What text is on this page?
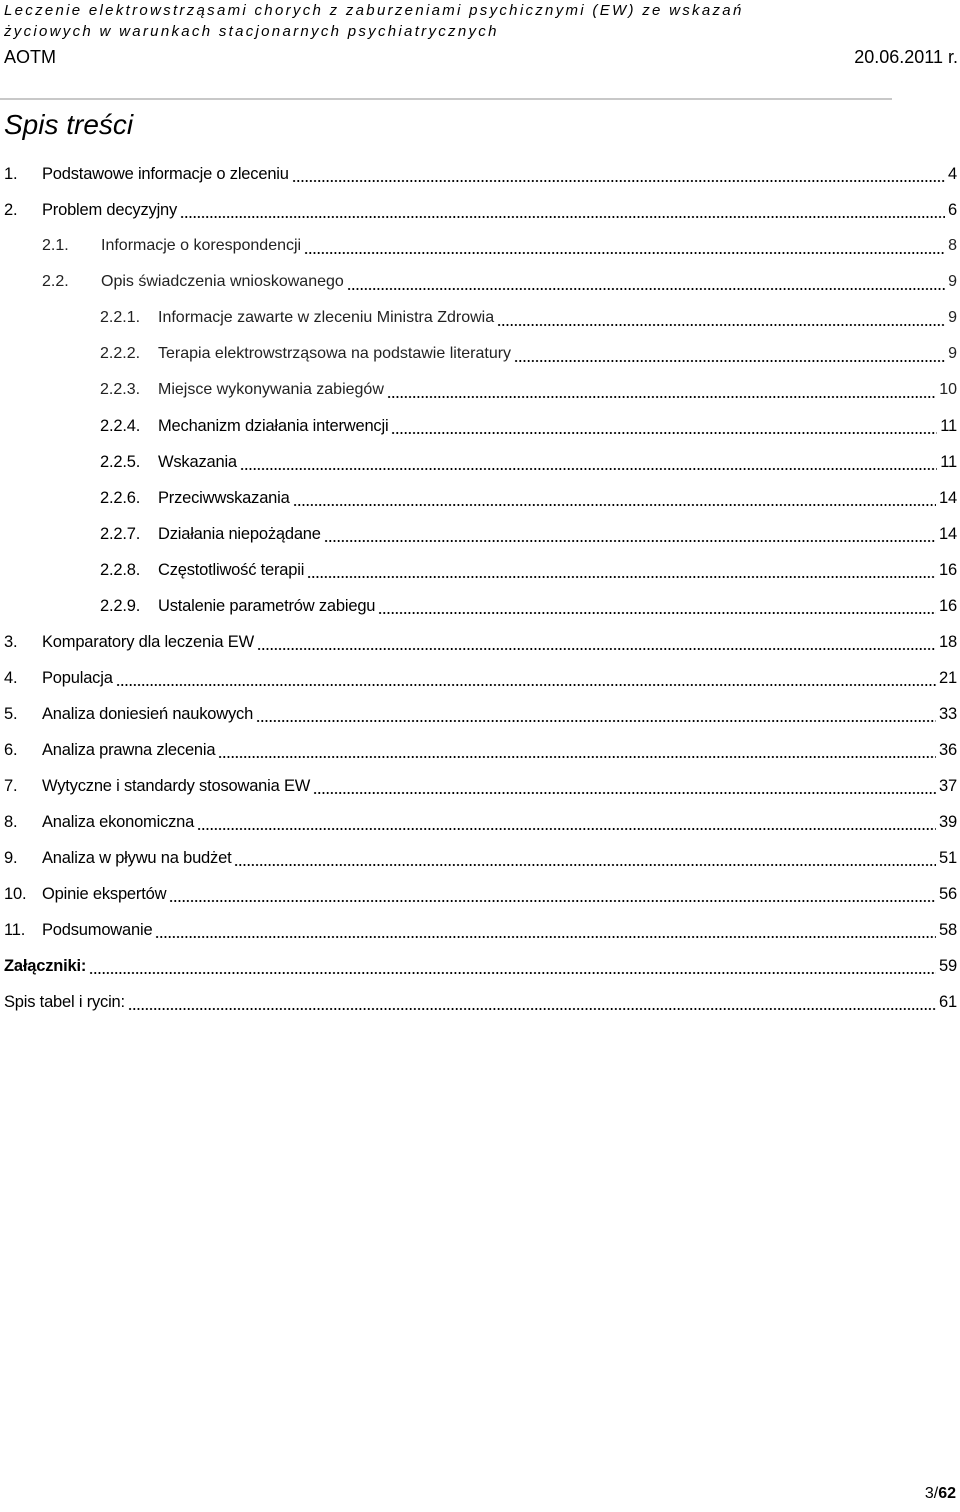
Leczenie elektrowstrząsami chorych z zaburzeniami psychicznymi (EW) ze wskazań
życiowych w warunkach stacjonarnych psychiatrycznych
AOTM	20.06.2011 r.
Spis treści
1. Podstawowe informacje o zleceniu	4
2. Problem decyzyjny	6
2.1. Informacje o korespondencji	8
2.2. Opis świadczenia wnioskowanego	9
2.2.1. Informacje zawarte w zleceniu Ministra Zdrowia	9
2.2.2. Terapia elektrowstrząsowa na podstawie literatury	9
2.2.3. Miejsce wykonywania zabiegów	10
2.2.4. Mechanizm działania interwencji	11
2.2.5. Wskazania	11
2.2.6. Przeciwwskazania	14
2.2.7. Działania niepożądane	14
2.2.8. Częstotliwość terapii	16
2.2.9. Ustalenie parametrów zabiegu	16
3. Komparatory dla leczenia EW	18
4. Populacja	21
5. Analiza doniesień naukowych	33
6. Analiza prawna zlecenia	36
7. Wytyczne i standardy stosowania EW	37
8. Analiza ekonomiczna	39
9. Analiza w pływu na budżet	51
10. Opinie ekspertów	56
11. Podsumowanie	58
Załączniki:	59
Spis tabel i rycin:	61
3/62
